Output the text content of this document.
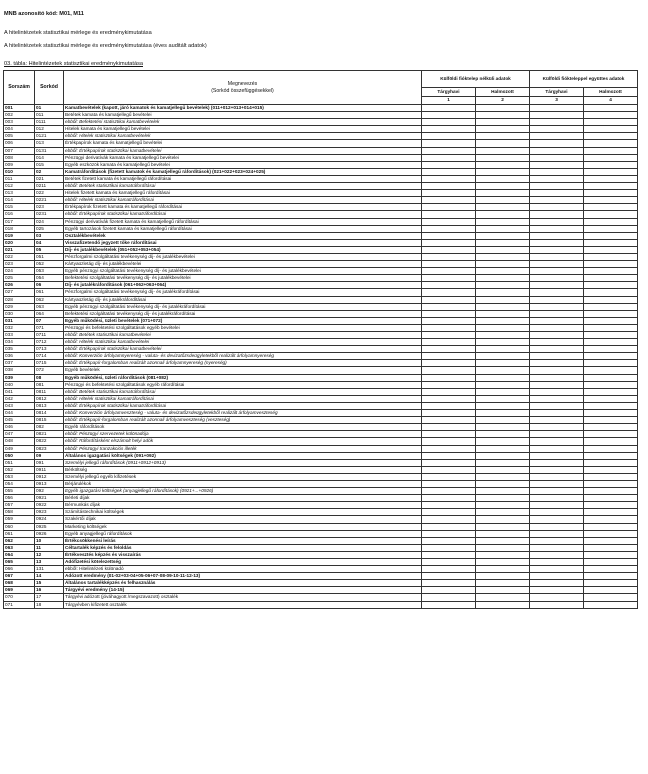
MNB azonosító kód: M01, M11
A hitelintézetek statisztikai mérlege és eredménykimutatása
A hitelintézetek statisztikai mérlege és eredménykimutatása (éves auditált adatok)
03. tábla: Hitelintézetek statisztikai eredménykimutatása
Sorszám	Sorkód	Megnevezés
(Sorkód összefüggésekkel)	Külföldi fióktelep nélküli adatok		Külföldi fiókteleppel együttes adatok	
			Tárgyhavi	Halmozott	Tárgyhavi	Halmozott
			1	2	3	4
001	01	Kamatbevételek (kapott, járó kamatok és kamatjellegű bevételek) (011+012+013+014+015)				
002	011	Betétek kamata és kamatjellegű bevételei				
003	0111	ebből: Befektetési statisztikai kamatbevételek				
004	012	Hitelek kamata és kamatjellegű bevételei				
005	0121	ebből: Hitelek statisztikai kamatbevételek				
006	013	Értékpapírok kamata és kamatjellegű bevételei				
007	0131	ebből: Értékpapírok statisztikai kamatbevételei				
008	014	Pénzügyi derivatívák kamata és kamatjellegű bevételei				
009	015	Egyéb eszközök kamata és kamatjellegű bevételei				
010	02	Kamatráfordítások (fizetett kamatok és kamatjellegű ráfordítások) (021+022+023+024+025)				
011	021	Betétek fizetett kamata és kamatjellegű ráfordításai				
012	0211	ebből: Betétek statisztikai kamatráfordításai				
013	022	Hitelek fizetett kamata és kamatjellegű ráfordításai				
014	0221	ebből: Hitelek statisztikai kamatráfordításai				
015	023	Értékpapírok fizetett kamata és kamatjellegű ráfordításai				
016	0231	ebből: Értékpapírok statisztikai kamatráfordításai				
017	024	Pénzügyi derivatívák fizetett kamata és kamatjellegű ráfordításai				
018	025	Egyéb tartozások fizetett kamata és kamatjellegű ráfordításai				
019	03	Osztalékbevételek				
020	04	Visszafizetendő jegyzett tőke ráfordításai				
021	05	Díj- és jutalékbevételek (051+052+053+054)				
022	051	Pénzforgalmi szolgáltatási tevékenység díj- és jutalékbevételei				
023	052	Kártyaüzletág díj- és jutalékbevételei				
024	053	Egyéb pénzügyi szolgáltatási tevékenység díj- és jutalékbevételei				
025	054	Befektetési szolgáltatási tevékenység díj- és jutalékbevételei				
026	06	Díj- és jutalékráfordítások (061+062+063+064)				
027	061	Pénzforgalmi szolgáltatási tevékenység díj- és jutalékráfordításai				
028	062	Kártyaüzletág díj- és jutalékráfordításai				
029	063	Egyéb pénzügyi szolgáltatási tevékenység díj- és jutalékráfordításai				
030	064	Befektetési szolgáltatási tevékenység díj- és jutalékráfordításai				
031	07	Egyéb működési, üzleti bevételek (071+072)				
032	071	Pénzügyi és befektetési szolgáltatások egyéb bevételei				
033	0711	ebből: Betétek statisztikai kamatbevételei				
034	0712	ebből: Hitelek statisztikai kamatbevételei				
035	0713	ebből: Értékpapírok statisztikai kamatbevételei				
036	0714	ebből: Konverzión árfolyamnyereség - valuta- és devizatőzsdeügyletekből realizált árfolyamnyereség				
037	0715	ebből: Értékpapír-forgalomban realizált azonnali árfolyamnyereség (nyereség)				
038	072	Egyéb bevételek				
039	08	Egyéb működési, üzleti ráfordítások (081+082)				
040	081	Pénzügyi és befektetési szolgáltatások egyéb ráfordításai				
041	0811	ebből: Betétek statisztikai kamatráfordításai				
042	0812	ebből: Hitelek statisztikai kamatráfordításai				
043	0813	ebből: Értékpapírok statisztikai kamatráfordításai				
044	0814	ebből: Konverzión árfolyamveszteség - valuta- és devizatőzsdeügyletekből realizált árfolyamveszteség				
045	0815	ebből: Értékpapír-forgalomban realizált azonnali árfolyamveszteség (veszteség)				
046	082	Egyéb ráfordítások				
047	0821	ebből: Pénzügyi szervezetek különadója				
048	0822	ebből: Ráfordításként elszámolt helyi adók				
049	0823	ebből: Pénzügyi tranzakciós illeték				
050	09	Általános igazgatási költségek (091+092)				
051	091	Személyi jellegű ráfordítások (0911+0912+0913)				
052	0911	Bérköltség				
053	0912	Személyi jellegű egyéb kifizetések				
054	0913	Bérjárulékok				
055	092	Egyéb igazgatási költségek (anyagjellegű ráfordítások) (0921+...+0926)				
056	0921	Bérleti díjak				
057	0922	Bérmunkás díjak				
058	0923	Számítástechnikai költségek				
059	0924	Szakértői díjak				
060	0925	Marketing költségek				
061	0926	Egyéb anyagjellegű ráfordítások				
062	10	Értékcsökkenési leírás				
063	11	Céltartalék képzés és feloldás				
064	12	Értékvesztés képzés és visszaírás				
065	13	Adófizetési kötelezettség				
066	131	ebből: Hitelintézeti különadó				
067	14	Adózott eredmény (01-02+03-04+05-06+07-08-09-10-11-12-13)				
068	15	Általános tartalékképzés és felhasználás				
069	16	Tárgyévi eredmény (14-15)				
070	17	Tárgyévi adózott (jóváhagyott /megszavazott) osztalék				
071	18	Tárgyévben kifizetett osztalék				
